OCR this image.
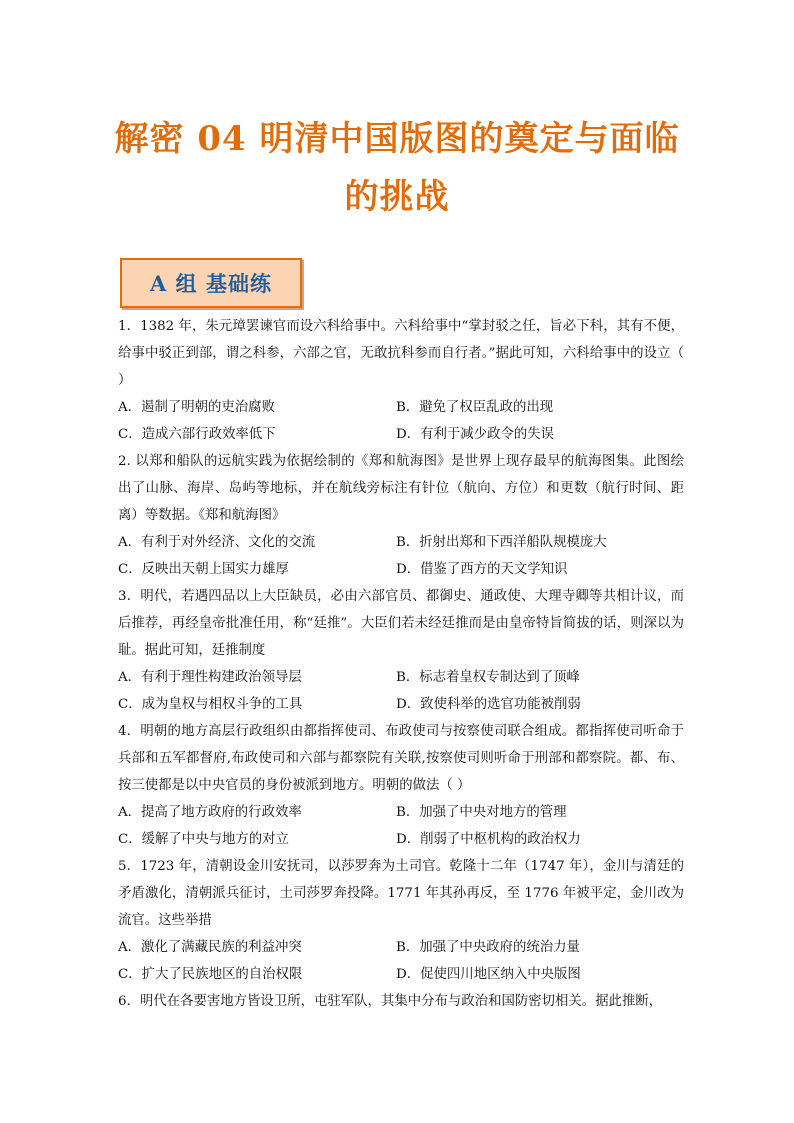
解密 04 明清中国版图的奠定与面临
的挑战
A 组 基础练
1．1382 年，朱元璋罢谏官而设六科给事中。六科给事中“掌封驳之任，旨必下科，其有不便，给事中驳正到部，谓之科参，六部之官，无敢抗科参而自行者。”据此可知，六科给事中的设立（ ）
A．遏制了明朝的吏治腐败	B．避免了权臣乱政的出现
C．造成六部行政效率低下	D．有利于减少政令的失误
2. 以郑和船队的远航实践为依据绘制的《郑和航海图》是世界上现存最早的航海图集。此图绘出了山脉、海岸、岛屿等地标，并在航线旁标注有针位（航向、方位）和更数（航行时间、距离）等数据。《郑和航海图》
A．有利于对外经济、文化的交流	B．折射出郑和下西洋船队规模庞大
C．反映出天朝上国实力雄厚	D．借鉴了西方的天文学知识
3．明代，若遇四品以上大臣缺员，必由六部官员、都御史、通政使、大理寺卿等共相计议，而后推荐，再经皇帝批准任用，称“廷推”。大臣们若未经廷推而是由皇帝特旨简拔的话，则深以为耻。据此可知，廷推制度
A．有利于理性构建政治领导层	B．标志着皇权专制达到了顶峰
C．成为皇权与相权斗争的工具	D．致使科举的选官功能被削弱
4．明朝的地方高层行政组织由都指挥使司、布政使司与按察使司联合组成。都指挥使司听命于兵部和五军都督府,布政使司和六部与都察院有关联,按察使司则听命于刑部和都察院。都、布、按三使都是以中央官员的身份被派到地方。明朝的做法（ ）
A．提高了地方政府的行政效率	B．加强了中央对地方的管理
C．缓解了中央与地方的对立	D．削弱了中枢机构的政治权力
5．1723 年，清朝设金川安抚司，以莎罗奔为土司官。乾隆十二年（1747 年），金川与清廷的矛盾激化，清朝派兵征讨，土司莎罗奔投降。1771 年其孙再反，至 1776 年被平定，金川改为流官。这些举措
A．激化了满藏民族的利益冲突	B．加强了中央政府的统治力量
C．扩大了民族地区的自治权限	D．促使四川地区纳入中央版图
6．明代在各要害地方皆设卫所，屯驻军队，其集中分布与政治和国防密切相关。据此推断，
